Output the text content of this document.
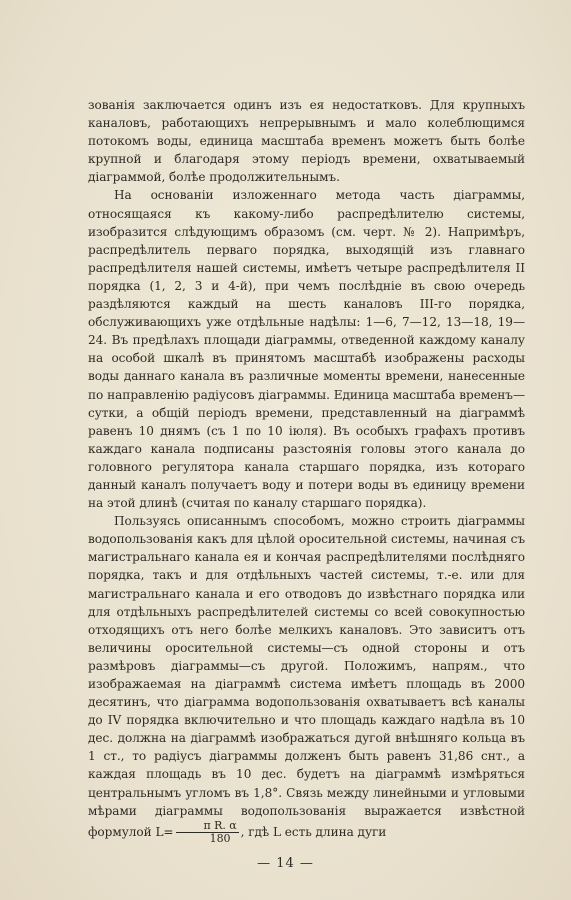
зованія заключается одинъ изъ ея недостатковъ. Для крупныхъ каналовъ, работающихъ непрерывнымъ и мало колеблющимся потокомъ воды, единица масштаба временъ можетъ быть болѣе крупной и благодаря этому періодъ времени, охватываемый діаграммой, болѣе продолжительнымъ.

На основаніи изложеннаго метода часть діаграммы, относящаяся къ какому-либо распредѣлителю системы, изобразится слѣдующимъ образомъ (см. черт. № 2). Напримѣръ, распредѣлитель перваго порядка, выходящій изъ главнаго распредѣлителя нашей системы, имѣетъ четыре распредѣлителя II порядка (1, 2, 3 и 4-й), при чемъ послѣдніе въ свою очередь раздѣляются каждый на шесть каналовъ III-го порядка, обслуживающихъ уже отдѣльные надѣлы: 1—6, 7—12, 13—18, 19—24. Въ предѣлахъ площади діаграммы, отведенной каждому каналу на особой шкалѣ въ принятомъ масштабѣ изображены расходы воды даннаго канала въ различные моменты времени, нанесенные по направленію радіусовъ діаграммы. Единица масштаба временъ—сутки, а общій періодъ времени, представленный на діаграммѣ равенъ 10 днямъ (съ 1 по 10 іюля). Въ особыхъ графахъ противъ каждаго канала подписаны разстоянія головы этого канала до головного регулятора канала старшаго порядка, изъ котораго данный каналъ получаетъ воду и потери воды въ единицу времени на этой длинѣ (считая по каналу старшаго порядка).

Пользуясь описаннымъ способомъ, можно строить діаграммы водопользованія какъ для цѣлой оросительной системы, начиная съ магистральнаго канала ея и кончая распредѣлителями послѣдняго порядка, такъ и для отдѣльныхъ частей системы, т.-е. или для магистральнаго канала и его отводовъ до извѣстнаго порядка или для отдѣльныхъ распредѣлителей системы со всей совокупностью отходящихъ отъ него болѣе мелкихъ каналовъ. Это зависитъ отъ величины оросительной системы—съ одной стороны и отъ размѣровъ діаграммы—съ другой. Положимъ, напрям., что изображаемая на діаграммѣ система имѣетъ площадь въ 2000 десятинъ, что діаграмма водопользованія охватываетъ всѣ каналы до IV порядка включительно и что площадь каждаго надѣла въ 10 дес. должна на діаграммѣ изображаться дугой внѣшняго кольца въ 1 ст., то радіусъ діаграммы долженъ быть равенъ 31,86 снт., а каждая площадь въ 10 дес. будетъ на діаграммѣ измѣряться центральнымъ угломъ въ 1,8°. Связь между линейными и угловыми мѣрами діаграммы водопользованія выражается извѣстной формулой $L= \frac{\text{π R. α}}{180}$ , гдѣ L есть длина дуги

— 14 —
